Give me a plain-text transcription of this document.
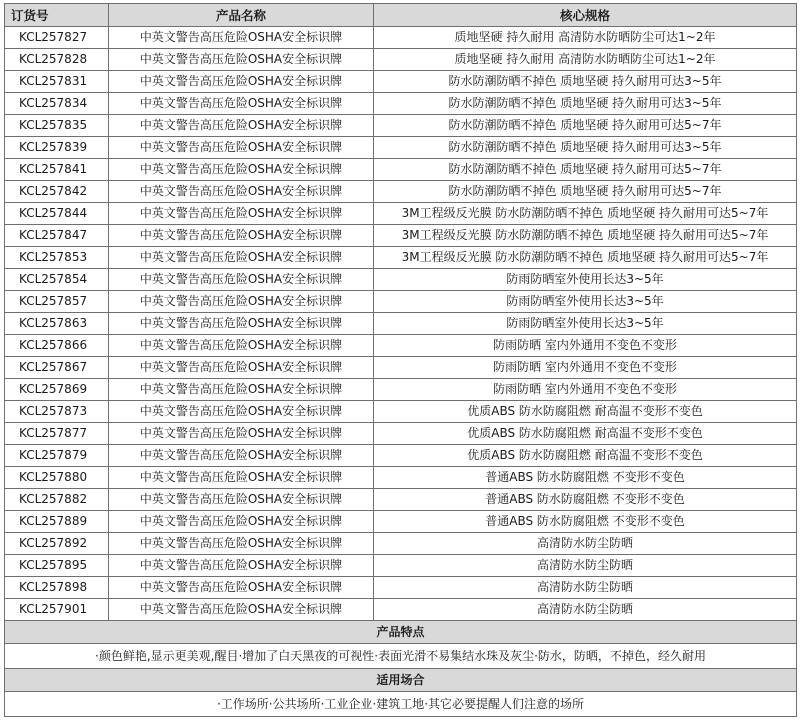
订货号	产品名称	核心规格
KCL257827	中英文警告高压危险OSHA安全标识牌	质地坚硬 持久耐用 高清防水防晒防尘可达1~2年
KCL257828	中英文警告高压危险OSHA安全标识牌	质地坚硬 持久耐用 高清防水防晒防尘可达1~2年
KCL257831	中英文警告高压危险OSHA安全标识牌	防水防潮防晒不掉色 质地坚硬 持久耐用可达3~5年
KCL257834	中英文警告高压危险OSHA安全标识牌	防水防潮防晒不掉色 质地坚硬 持久耐用可达3~5年
KCL257835	中英文警告高压危险OSHA安全标识牌	防水防潮防晒不掉色 质地坚硬 持久耐用可达5~7年
KCL257839	中英文警告高压危险OSHA安全标识牌	防水防潮防晒不掉色 质地坚硬 持久耐用可达3~5年
KCL257841	中英文警告高压危险OSHA安全标识牌	防水防潮防晒不掉色 质地坚硬 持久耐用可达5~7年
KCL257842	中英文警告高压危险OSHA安全标识牌	防水防潮防晒不掉色 质地坚硬 持久耐用可达5~7年
KCL257844	中英文警告高压危险OSHA安全标识牌	3M工程级反光膜 防水防潮防晒不掉色 质地坚硬 持久耐用可达5~7年
KCL257847	中英文警告高压危险OSHA安全标识牌	3M工程级反光膜 防水防潮防晒不掉色 质地坚硬 持久耐用可达5~7年
KCL257853	中英文警告高压危险OSHA安全标识牌	3M工程级反光膜 防水防潮防晒不掉色 质地坚硬 持久耐用可达5~7年
KCL257854	中英文警告高压危险OSHA安全标识牌	防雨防晒室外使用长达3~5年
KCL257857	中英文警告高压危险OSHA安全标识牌	防雨防晒室外使用长达3~5年
KCL257863	中英文警告高压危险OSHA安全标识牌	防雨防晒室外使用长达3~5年
KCL257866	中英文警告高压危险OSHA安全标识牌	防雨防晒 室内外通用不变色不变形
KCL257867	中英文警告高压危险OSHA安全标识牌	防雨防晒 室内外通用不变色不变形
KCL257869	中英文警告高压危险OSHA安全标识牌	防雨防晒 室内外通用不变色不变形
KCL257873	中英文警告高压危险OSHA安全标识牌	优质ABS 防水防腐阻燃 耐高温不变形不变色
KCL257877	中英文警告高压危险OSHA安全标识牌	优质ABS 防水防腐阻燃 耐高温不变形不变色
KCL257879	中英文警告高压危险OSHA安全标识牌	优质ABS 防水防腐阻燃 耐高温不变形不变色
KCL257880	中英文警告高压危险OSHA安全标识牌	普通ABS 防水防腐阻燃 不变形不变色
KCL257882	中英文警告高压危险OSHA安全标识牌	普通ABS 防水防腐阻燃 不变形不变色
KCL257889	中英文警告高压危险OSHA安全标识牌	普通ABS 防水防腐阻燃 不变形不变色
KCL257892	中英文警告高压危险OSHA安全标识牌	高清防水防尘防晒
KCL257895	中英文警告高压危险OSHA安全标识牌	高清防水防尘防晒
KCL257898	中英文警告高压危险OSHA安全标识牌	高清防水防尘防晒
KCL257901	中英文警告高压危险OSHA安全标识牌	高清防水防尘防晒
产品特点		
·颜色鲜艳,显示更美观,醒目·增加了白天黑夜的可视性·表面光滑不易集结水珠及灰尘·防水，防晒，不掉色，经久耐用		
适用场合		
·工作场所·公共场所·工业企业·建筑工地·其它必要提醒人们注意的场所		
